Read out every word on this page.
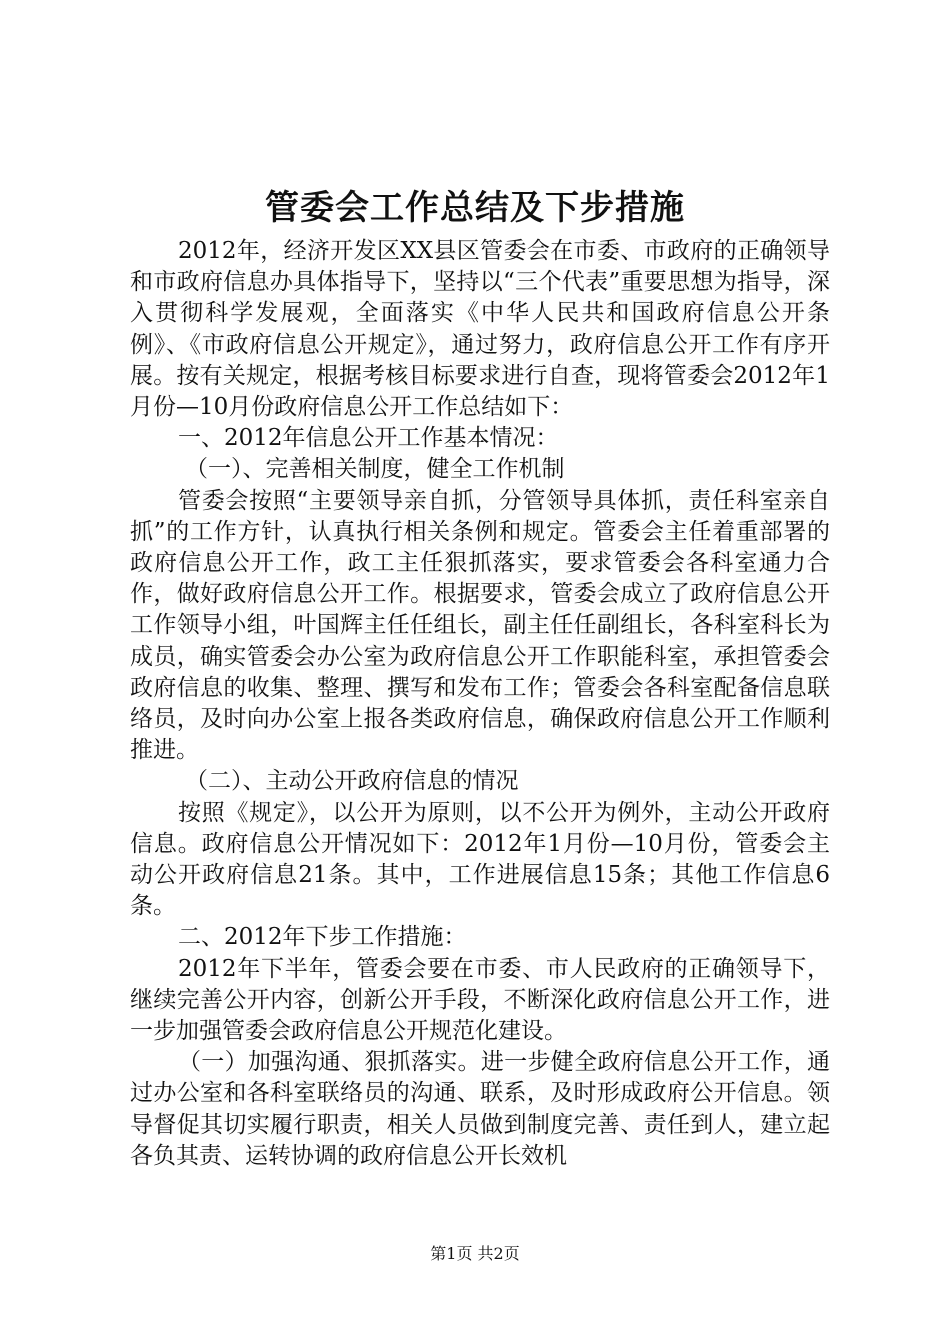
管委会工作总结及下步措施

2012年，经济开发区XX县区管委会在市委、市政府的正确领导和市政府信息办具体指导下，坚持以“三个代表”重要思想为指导，深入贯彻科学发展观，全面落实《中华人民共和国政府信息公开条例》、《市政府信息公开规定》，通过努力，政府信息公开工作有序开展。按有关规定，根据考核目标要求进行自查，现将管委会2012年1月份—10月份政府信息公开工作总结如下：

一、2012年信息公开工作基本情况：

（一）、完善相关制度，健全工作机制

管委会按照“主要领导亲自抓，分管领导具体抓，责任科室亲自抓”的工作方针，认真执行相关条例和规定。管委会主任着重部署的政府信息公开工作，政工主任狠抓落实，要求管委会各科室通力合作，做好政府信息公开工作。根据要求，管委会成立了政府信息公开工作领导小组，叶国辉主任任组长，副主任任副组长，各科室科长为成员，确实管委会办公室为政府信息公开工作职能科室，承担管委会政府信息的收集、整理、撰写和发布工作；管委会各科室配备信息联络员，及时向办公室上报各类政府信息，确保政府信息公开工作顺利推进。

（二）、主动公开政府信息的情况

按照《规定》，以公开为原则，以不公开为例外，主动公开政府信息。政府信息公开情况如下：2012年1月份—10月份，管委会主动公开政府信息21条。其中，工作进展信息15条；其他工作信息6条。

二、2012年下步工作措施：

2012年下半年，管委会要在市委、市人民政府的正确领导下，继续完善公开内容，创新公开手段，不断深化政府信息公开工作，进一步加强管委会政府信息公开规范化建设。

（一）加强沟通、狠抓落实。进一步健全政府信息公开工作，通过办公室和各科室联络员的沟通、联系，及时形成政府公开信息。领导督促其切实履行职责，相关人员做到制度完善、责任到人，建立起各负其责、运转协调的政府信息公开长效机

第1页 共2页
